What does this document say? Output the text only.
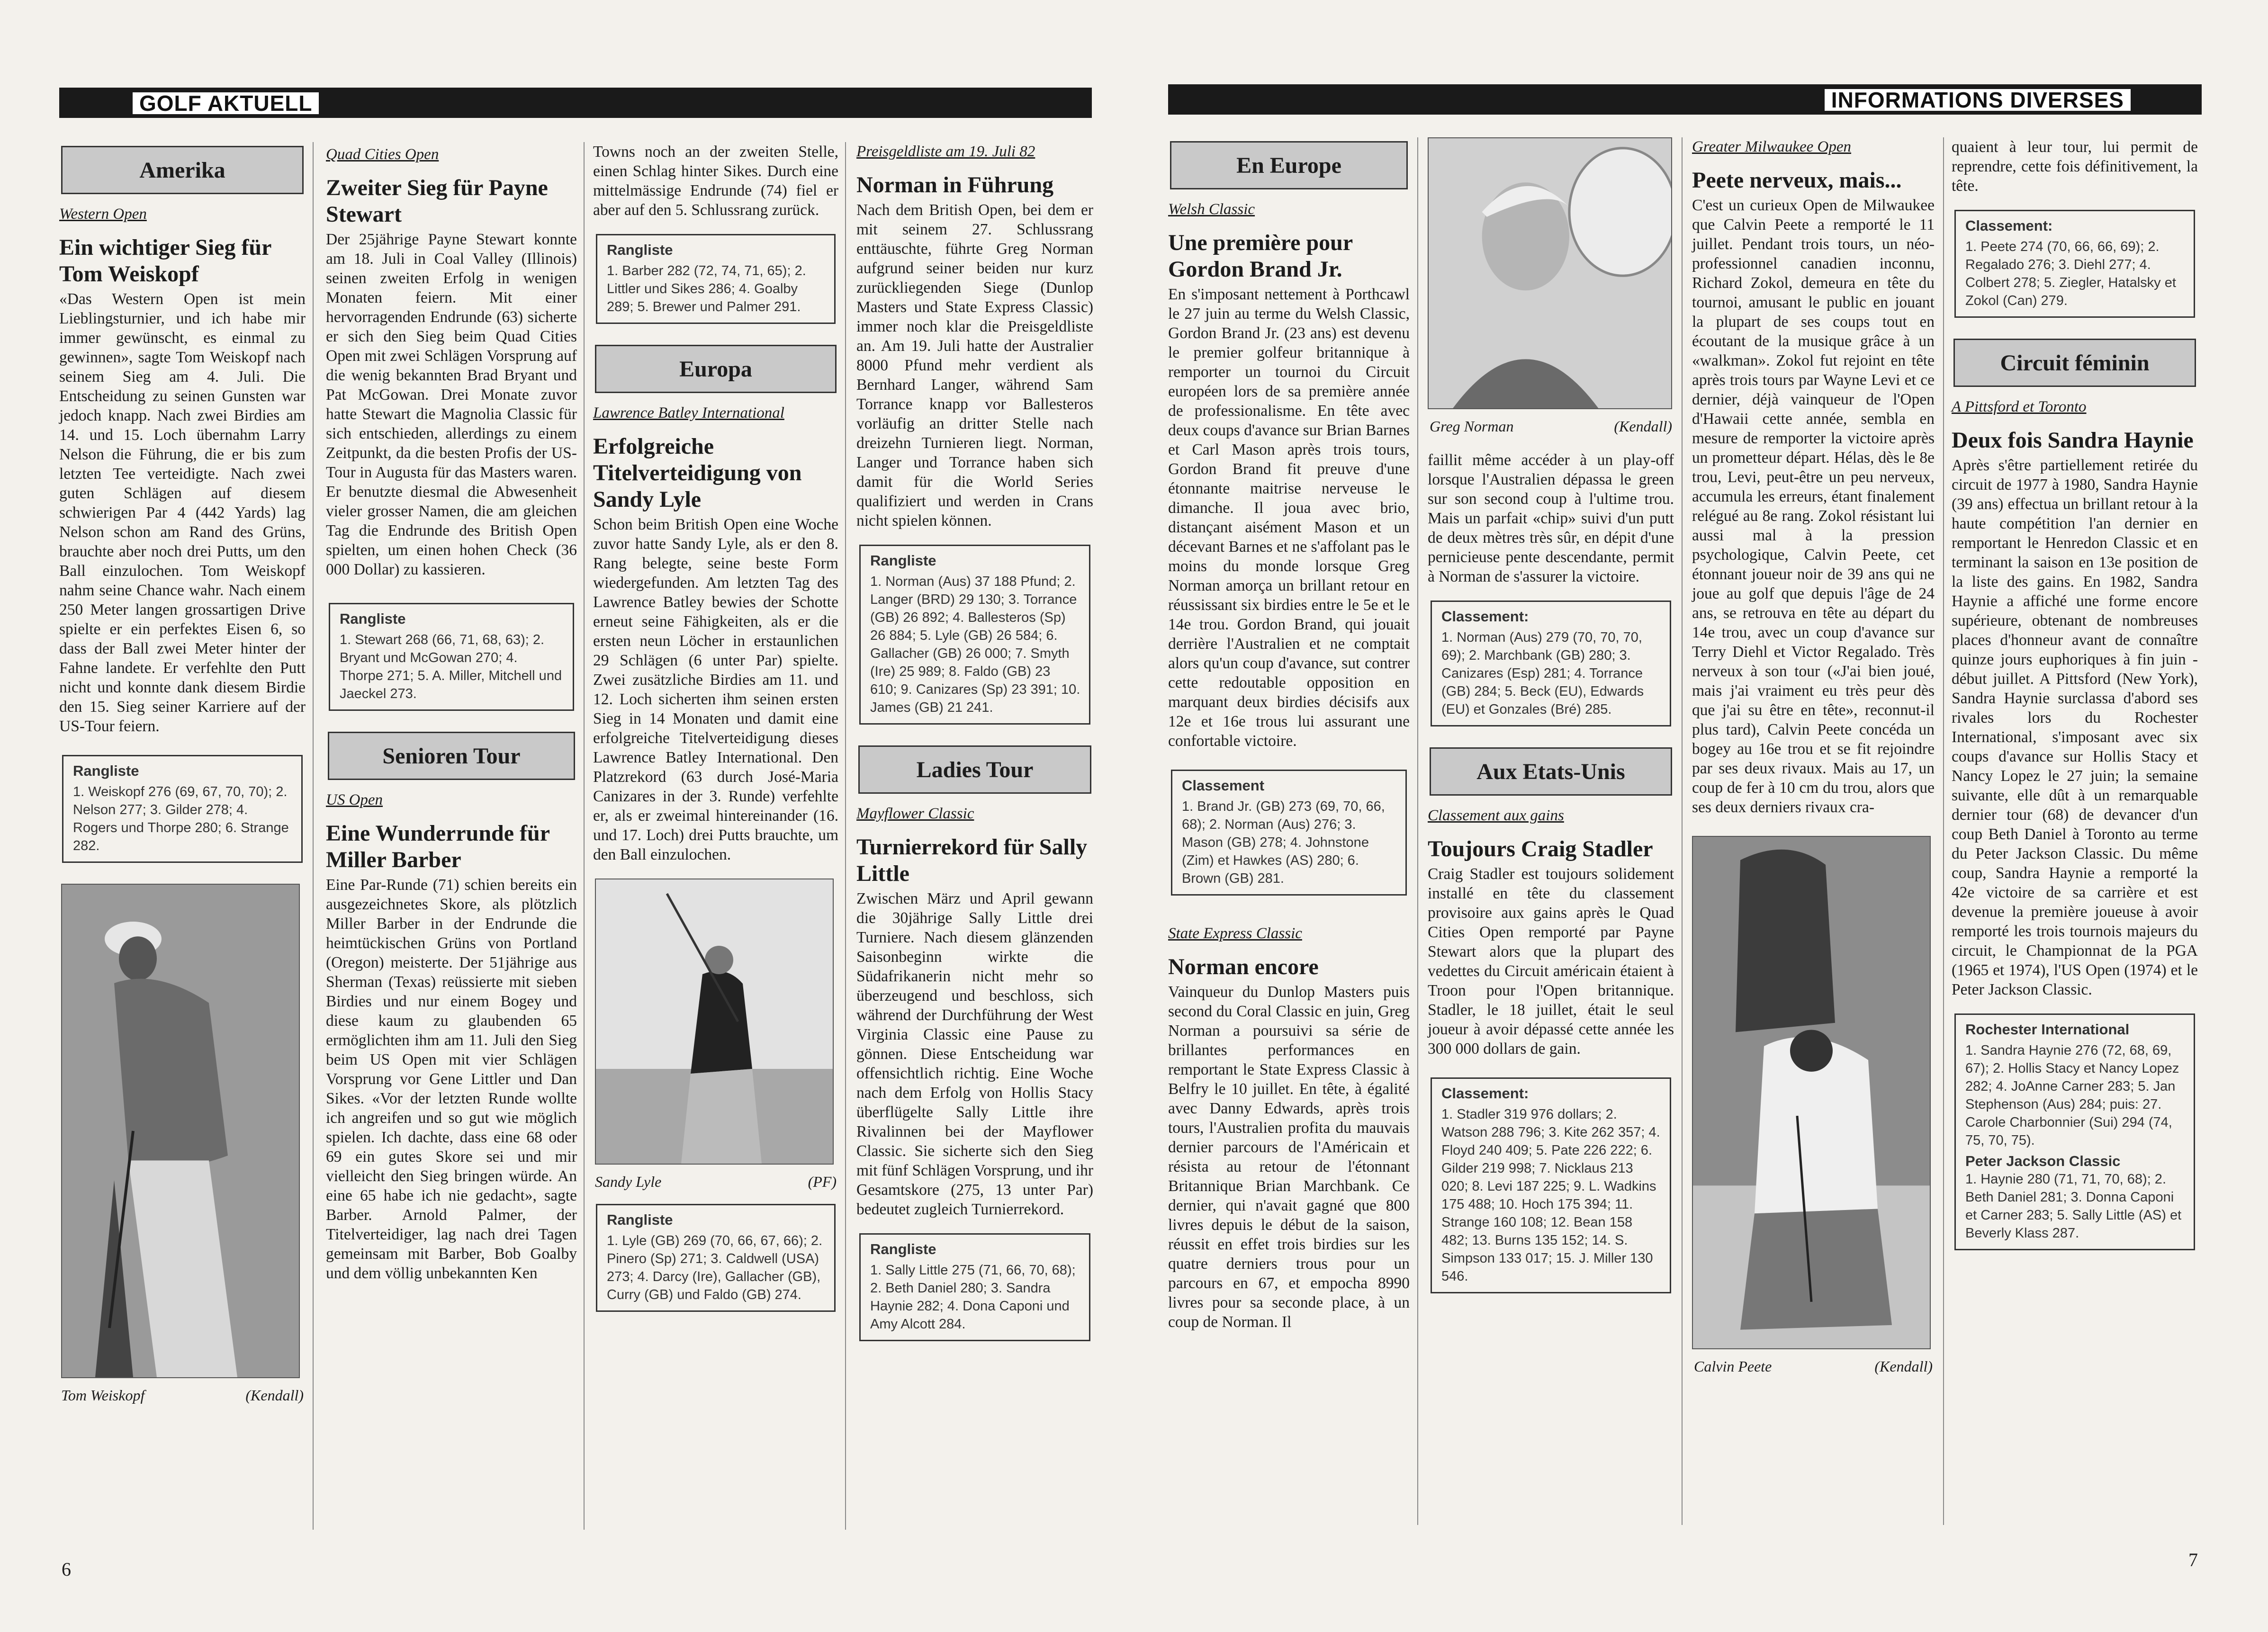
GOLF AKTUELL
Amerika
Western Open
Ein wichtiger Sieg für Tom Weiskopf
«Das Western Open ist mein Lieblingsturnier, und ich habe mir immer gewünscht, es einmal zu gewinnen», sagte Tom Weiskopf nach seinem Sieg am 4. Juli. Die Entscheidung zu seinen Gunsten war jedoch knapp. Nach zwei Birdies am 14. und 15. Loch übernahm Larry Nelson die Führung, die er bis zum letzten Tee verteidigte. Nach zwei guten Schlägen auf diesem schwierigen Par 4 (442 Yards) lag Nelson schon am Rand des Grüns, brauchte aber noch drei Putts, um den Ball einzulochen. Tom Weiskopf nahm seine Chance wahr. Nach einem 250 Meter langen grossartigen Drive spielte er ein perfektes Eisen 6, so dass der Ball zwei Meter hinter der Fahne landete. Er verfehlte den Putt nicht und konnte dank diesem Birdie den 15. Sieg seiner Karriere auf der US-Tour feiern.
Rangliste
1. Weiskopf 276 (69, 67, 70, 70); 2. Nelson 277; 3. Gilder 278; 4. Rogers und Thorpe 280; 6. Strange 282.
Tom Weiskopf	(Kendall)
Quad Cities Open
Zweiter Sieg für Payne Stewart
Der 25jährige Payne Stewart konnte am 18. Juli in Coal Valley (Illinois) seinen zweiten Erfolg in wenigen Monaten feiern. Mit einer hervorragenden Endrunde (63) sicherte er sich den Sieg beim Quad Cities Open mit zwei Schlägen Vorsprung auf die wenig bekannten Brad Bryant und Pat McGowan. Drei Monate zuvor hatte Stewart die Magnolia Classic für sich entschieden, allerdings zu einem Zeitpunkt, da die besten Profis der US-Tour in Augusta für das Masters waren. Er benutzte diesmal die Abwesenheit vieler grosser Namen, die am gleichen Tag die Endrunde des British Open spielten, um einen hohen Check (36 000 Dollar) zu kassieren.
Rangliste
1. Stewart 268 (66, 71, 68, 63); 2. Bryant und McGowan 270; 4. Thorpe 271; 5. A. Miller, Mitchell und Jaeckel 273.
Senioren Tour
US Open
Eine Wunderrunde für Miller Barber
Eine Par-Runde (71) schien bereits ein ausgezeichnetes Skore, als plötzlich Miller Barber in der Endrunde die heimtückischen Grüns von Portland (Oregon) meisterte. Der 51jährige aus Sherman (Texas) reüssierte mit sieben Birdies und nur einem Bogey und diese kaum zu glaubenden 65 ermöglichten ihm am 11. Juli den Sieg beim US Open mit vier Schlägen Vorsprung vor Gene Littler und Dan Sikes. «Vor der letzten Runde wollte ich angreifen und so gut wie möglich spielen. Ich dachte, dass eine 68 oder 69 ein gutes Skore sei und mir vielleicht den Sieg bringen würde. An eine 65 habe ich nie gedacht», sagte Barber. Arnold Palmer, der Titelverteidiger, lag nach drei Tagen gemeinsam mit Barber, Bob Goalby und dem völlig unbekannten Ken
Towns noch an der zweiten Stelle, einen Schlag hinter Sikes. Durch eine mittelmässige Endrunde (74) fiel er aber auf den 5. Schlussrang zurück.
Rangliste
1. Barber 282 (72, 74, 71, 65); 2. Littler und Sikes 286; 4. Goalby 289; 5. Brewer und Palmer 291.
Europa
Lawrence Batley International
Erfolgreiche Titelverteidigung von Sandy Lyle
Schon beim British Open eine Woche zuvor hatte Sandy Lyle, als er den 8. Rang belegte, seine beste Form wiedergefunden. Am letzten Tag des Lawrence Batley bewies der Schotte erneut seine Fähigkeiten, als er die ersten neun Löcher in erstaunlichen 29 Schlägen (6 unter Par) spielte. Zwei zusätzliche Birdies am 11. und 12. Loch sicherten ihm seinen ersten Sieg in 14 Monaten und damit eine erfolgreiche Titelverteidigung dieses Lawrence Batley International. Den Platzrekord (63 durch José-Maria Canizares in der 3. Runde) verfehlte er, als er zweimal hintereinander (16. und 17. Loch) drei Putts brauchte, um den Ball einzulochen.
Sandy Lyle	(PF)
Rangliste
1. Lyle (GB) 269 (70, 66, 67, 66); 2. Pinero (Sp) 271; 3. Caldwell (USA) 273; 4. Darcy (Ire), Gallacher (GB), Curry (GB) und Faldo (GB) 274.
Preisgeldliste am 19. Juli 82
Norman in Führung
Nach dem British Open, bei dem er mit seinem 27. Schlussrang enttäuschte, führte Greg Norman aufgrund seiner beiden nur kurz zurückliegenden Siege (Dunlop Masters und State Express Classic) immer noch klar die Preisgeldliste an. Am 19. Juli hatte der Australier 8000 Pfund mehr verdient als Bernhard Langer, während Sam Torrance knapp vor Ballesteros vorläufig an dritter Stelle nach dreizehn Turnieren liegt. Norman, Langer und Torrance haben sich damit für die World Series qualifiziert und werden in Crans nicht spielen können.
Rangliste
1. Norman (Aus) 37 188 Pfund; 2. Langer (BRD) 29 130; 3. Torrance (GB) 26 892; 4. Ballesteros (Sp) 26 884; 5. Lyle (GB) 26 584; 6. Gallacher (GB) 26 000; 7. Smyth (Ire) 25 989; 8. Faldo (GB) 23 610; 9. Canizares (Sp) 23 391; 10. James (GB) 21 241.
Ladies Tour
Mayflower Classic
Turnierrekord für Sally Little
Zwischen März und April gewann die 30jährige Sally Little drei Turniere. Nach diesem glänzenden Saisonbeginn wirkte die Südafrikanerin nicht mehr so überzeugend und beschloss, sich während der Durchführung der West Virginia Classic eine Pause zu gönnen. Diese Entscheidung war offensichtlich richtig. Eine Woche nach dem Erfolg von Hollis Stacy überflügelte Sally Little ihre Rivalinnen bei der Mayflower Classic. Sie sicherte sich den Sieg mit fünf Schlägen Vorsprung, und ihr Gesamtskore (275, 13 unter Par) bedeutet zugleich Turnierrekord.
Rangliste
1. Sally Little 275 (71, 66, 70, 68); 2. Beth Daniel 280; 3. Sandra Haynie 282; 4. Dona Caponi und Amy Alcott 284.
6
INFORMATIONS DIVERSES
En Europe
Welsh Classic
Une première pour Gordon Brand Jr.
En s'imposant nettement à Porthcawl le 27 juin au terme du Welsh Classic, Gordon Brand Jr. (23 ans) est devenu le premier golfeur britannique à remporter un tournoi du Circuit européen lors de sa première année de professionalisme. En tête avec deux coups d'avance sur Brian Barnes et Carl Mason après trois tours, Gordon Brand fit preuve d'une étonnante maitrise nerveuse le dimanche. Il joua avec brio, distançant aisément Mason et un décevant Barnes et ne s'affolant pas le moins du monde lorsque Greg Norman amorça un brillant retour en réussissant six birdies entre le 5e et le 14e trou. Gordon Brand, qui jouait derrière l'Australien et ne comptait alors qu'un coup d'avance, sut contrer cette redoutable opposition en marquant deux birdies décisifs aux 12e et 16e trous lui assurant une confortable victoire.
Classement
1. Brand Jr. (GB) 273 (69, 70, 66, 68); 2. Norman (Aus) 276; 3. Mason (GB) 278; 4. Johnstone (Zim) et Hawkes (AS) 280; 6. Brown (GB) 281.
State Express Classic
Norman encore
Vainqueur du Dunlop Masters puis second du Coral Classic en juin, Greg Norman a poursuivi sa série de brillantes performances en remportant le State Express Classic à Belfry le 10 juillet. En tête, à égalité avec Danny Edwards, après trois tours, l'Australien profita du mauvais dernier parcours de l'Américain et résista au retour de l'étonnant Britannique Brian Marchbank. Ce dernier, qui n'avait gagné que 800 livres depuis le début de la saison, réussit en effet trois birdies sur les quatre derniers trous pour un parcours en 67, et empocha 8990 livres pour sa seconde place, à un coup de Norman. Il
Greg Norman	(Kendall)
faillit même accéder à un play-off lorsque l'Australien dépassa le green sur son second coup à l'ultime trou. Mais un parfait «chip» suivi d'un putt de deux mètres très sûr, en dépit d'une pernicieuse pente descendante, permit à Norman de s'assurer la victoire.
Classement:
1. Norman (Aus) 279 (70, 70, 70, 69); 2. Marchbank (GB) 280; 3. Canizares (Esp) 281; 4. Torrance (GB) 284; 5. Beck (EU), Edwards (EU) et Gonzales (Bré) 285.
Aux Etats-Unis
Classement aux gains
Toujours Craig Stadler
Craig Stadler est toujours solidement installé en tête du classement provisoire aux gains après le Quad Cities Open remporté par Payne Stewart alors que la plupart des vedettes du Circuit américain étaient à Troon pour l'Open britannique. Stadler, le 18 juillet, était le seul joueur à avoir dépassé cette année les 300 000 dollars de gain.
Classement:
1. Stadler 319 976 dollars; 2. Watson 288 796; 3. Kite 262 357; 4. Floyd 240 409; 5. Pate 226 222; 6. Gilder 219 998; 7. Nicklaus 213 020; 8. Levi 187 225; 9. L. Wadkins 175 488; 10. Hoch 175 394; 11. Strange 160 108; 12. Bean 158 482; 13. Burns 135 152; 14. S. Simpson 133 017; 15. J. Miller 130 546.
Greater Milwaukee Open
Peete nerveux, mais...
C'est un curieux Open de Milwaukee que Calvin Peete a remporté le 11 juillet. Pendant trois tours, un néo-professionnel canadien inconnu, Richard Zokol, demeura en tête du tournoi, amusant le public en jouant la plupart de ses coups tout en écoutant de la musique grâce à un «walkman». Zokol fut rejoint en tête après trois tours par Wayne Levi et ce dernier, déjà vainqueur de l'Open d'Hawaii cette année, sembla en mesure de remporter la victoire après un prometteur départ. Hélas, dès le 8e trou, Levi, peut-être un peu nerveux, accumula les erreurs, étant finalement relégué au 8e rang. Zokol résistant lui aussi mal à la pression psychologique, Calvin Peete, cet étonnant joueur noir de 39 ans qui ne joue au golf que depuis l'âge de 24 ans, se retrouva en tête au départ du 14e trou, avec un coup d'avance sur Terry Diehl et Victor Regalado. Très nerveux à son tour («J'ai bien joué, mais j'ai vraiment eu très peur dès que j'ai su être en tête», reconnut-il plus tard), Calvin Peete concéda un bogey au 16e trou et se fit rejoindre par ses deux rivaux. Mais au 17, un coup de fer à 10 cm du trou, alors que ses deux derniers rivaux cra-
Calvin Peete	(Kendall)
quaient à leur tour, lui permit de reprendre, cette fois définitivement, la tête.
Classement:
1. Peete 274 (70, 66, 66, 69); 2. Regalado 276; 3. Diehl 277; 4. Colbert 278; 5. Ziegler, Hatalsky et Zokol (Can) 279.
Circuit féminin
A Pittsford et Toronto
Deux fois Sandra Haynie
Après s'être partiellement retirée du circuit de 1977 à 1980, Sandra Haynie (39 ans) effectua un brillant retour à la haute compétition l'an dernier en remportant le Henredon Classic et en terminant la saison en 13e position de la liste des gains. En 1982, Sandra Haynie a affiché une forme encore supérieure, obtenant de nombreuses places d'honneur avant de connaître quinze jours euphoriques à fin juin - début juillet. A Pittsford (New York), Sandra Haynie surclassa d'abord ses rivales lors du Rochester International, s'imposant avec six coups d'avance sur Hollis Stacy et Nancy Lopez le 27 juin; la semaine suivante, elle dût à un remarquable dernier tour (68) de devancer d'un coup Beth Daniel à Toronto au terme du Peter Jackson Classic. Du même coup, Sandra Haynie a remporté la 42e victoire de sa carrière et est devenue la première joueuse à avoir remporté les trois tournois majeurs du circuit, le Championnat de la PGA (1965 et 1974), l'US Open (1974) et le Peter Jackson Classic.
Rochester International
1. Sandra Haynie 276 (72, 68, 69, 67); 2. Hollis Stacy et Nancy Lopez 282; 4. JoAnne Carner 283; 5. Jan Stephenson (Aus) 284; puis: 27. Carole Charbonnier (Sui) 294 (74, 75, 70, 75).
Peter Jackson Classic
1. Haynie 280 (71, 71, 70, 68); 2. Beth Daniel 281; 3. Donna Caponi et Carner 283; 5. Sally Little (AS) et Beverly Klass 287.
7
